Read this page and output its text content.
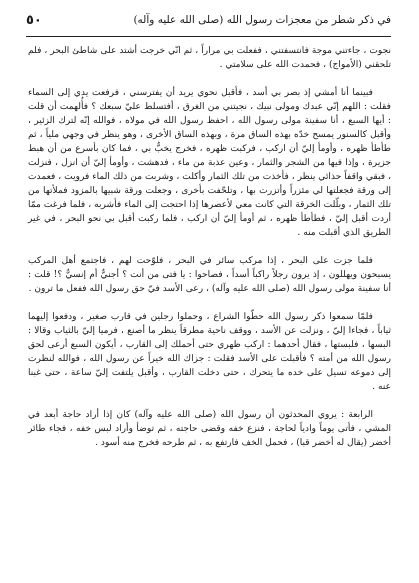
٥٠	في ذكر شطر من معجزات رسول الله (صلى الله عليه وآله)

نجوت ، جاءتني موجة فانتسفتني ، ففعلت بي مراراً ، ثم انّي خرجت أشتد على شاطئ البحر ، فلم تلحقني (الأمواج) ، فحمدت الله على سلامتي .

فبينما أنا أمشي إذ بصر بي أسد ، فأقبل نحوي يريد أن يفترسني ، فرفعت يدي إلى السماء فقلت : اللهم إنّي عبدك ومولى نبيك ، نجيتني من الغرق ، أفتسلط عليّ سبعك ؟ فأُلهمت أن قلت : أيها السبع ، أنا سفينة مولى رسول الله ، احفظ رسول الله في مولاه ، فوالله إنّه لترك الزئير ، وأقبل كالسنور يمسح خدّه بهذه الساق مرة ، وبهذه الساق الأخرى ، وهو ينظر في وجهي ملياً ، ثم طأطأ ظهره ، وأومأ إليّ أن اركب ، فركبت ظهره ، فخرج يخبُّ بي ، فما كان بأسرع من أن هبط جزيرة ، وإذا فيها من الشجر والثمار ، وعين عذبة من ماء ، فدهشت ، وأومأ إليّ أن انزل ، فنزلت ، فبقي واقفاً حذائي ينظر ، فأخذت من تلك الثمار وأكلت ، وشربت من ذلك الماء فرويت ، فعمدت إلى ورقة فجعلتها لي مئزراً وأتزرت بها ، وتلحّفت بأخرى ، وجعلت ورقة شبيها بالمزود فملأتها من تلك الثمار ، وبلّلت الخرقة التي كانت معي لأعصرها إذا احتجت إلى الماء فأشربه ، فلما فرغت ممّا أردت أقبل إليّ ، فطأطأ ظهره ، ثم أومأ إليّ أن اركب ، فلما ركبت أقبل بي نحو البحر ، في غير الطريق الذي أقبلت منه .

فلما جزت على البحر ، إذا مركب سائر في البحر ، فلوّحت لهم ، فاجتمع أهل المركب يسبحون ويهللون ، إذ يرون رجلاً راكباً أسداً ، فصاحوا : يا فتى من أنت ؟ أجنيٌّ أم إنسيٌّ ؟! قلت : أنا سفينة مولى رسول الله (صلى الله عليه وآله) ، رعى الأسد فيّ حق رسول الله ففعل ما ترون .

فلمّا سمعوا ذكر رسول الله حطّوا الشراع ، وحملوا رجلين في قارب صغير ، ودفعوا إليهما ثياباً ، فجاءا إليّ ، ونزلت عن الأسد ، ووقف ناحية مطرقاً ينظر ما أصنع ، فرميا إليّ بالثياب وقالا : البسها ، فلبستها ، فقال أحدهما : اركب ظهري حتى أحملك إلى القارب ، أيكون السبع أرعى لحق رسول الله من أمته ؟ فأقبلت على الأسد فقلت : جزاك الله خيراً عن رسول الله ، فوالله لنظرت إلى دموعه تسيل على خده ما يتحرك ، حتى دخلت القارب ، وأقبل يلتفت إليّ ساعة ، حتى غبنا عنه .

الرابعة : يروي المحدثون أن رسول الله (صلى الله عليه وآله) كان إذا أراد حاجة أبعد في المشي ، فأتى يوماً وادياً لحاجة ، فنزع خفه وقضى حاجته ، ثم توضأ وأراد لبس خفه ، فجاء طائر أخضر (يقال له أخضر قبا) ، فحمل الخف فارتفع به ، ثم طرحه فخرج منه أسود .
